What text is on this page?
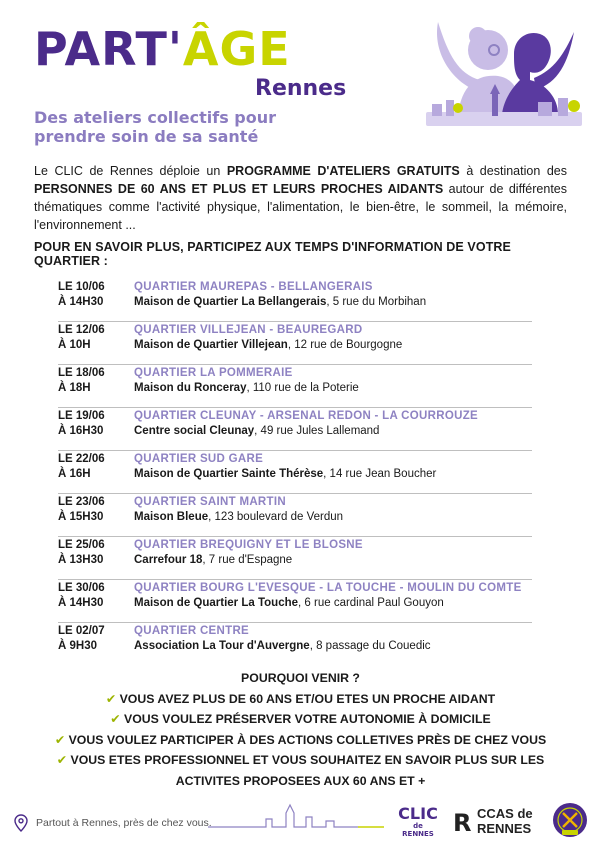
PART'ÂGE
Rennes
Des ateliers collectifs pour prendre soin de sa santé

Le CLIC de Rennes déploie un PROGRAMME D'ATELIERS GRATUITS à destination des PERSONNES DE 60 ANS ET PLUS ET LEURS PROCHES AIDANTS autour de différentes thématiques comme l'activité physique, l'alimentation, le bien-être, le sommeil, la mémoire, l'environnement ...

POUR EN SAVOIR PLUS, PARTICIPEZ AUX TEMPS D'INFORMATION DE VOTRE QUARTIER :
LE 10/06
À 14H30
QUARTIER MAUREPAS - BELLANGERAIS
Maison de Quartier La Bellangerais, 5 rue du Morbihan
LE 12/06
À 10H
QUARTIER VILLEJEAN - BEAUREGARD
Maison de Quartier Villejean, 12 rue de Bourgogne
LE 18/06
À 18H
QUARTIER LA POMMERAIE
Maison du Ronceray, 110 rue de la Poterie
LE 19/06
À 16H30
QUARTIER CLEUNAY - ARSENAL REDON - LA COURROUZE
Centre social Cleunay, 49 rue Jules Lallemand
LE 22/06
À 16H
QUARTIER SUD GARE
Maison de Quartier Sainte Thérèse, 14 rue Jean Boucher
LE 23/06
À 15H30
QUARTIER SAINT MARTIN
Maison Bleue, 123 boulevard de Verdun
LE 25/06
À 13H30
QUARTIER BREQUIGNY ET LE BLOSNE
Carrefour 18, 7 rue d'Espagne
LE 30/06
À 14H30
QUARTIER BOURG L'EVESQUE - LA TOUCHE - MOULIN DU COMTE
Maison de Quartier La Touche, 6 rue cardinal Paul Gouyon
LE 02/07
À 9H30
QUARTIER CENTRE
Association La Tour d'Auvergne, 8 passage du Couedic
POURQUOI VENIR ?
✔ VOUS AVEZ PLUS DE 60 ANS ET/OU ETES UN PROCHE AIDANT
✔ VOUS VOULEZ PRÉSERVER VOTRE AUTONOMIE À DOMICILE
✔ VOUS VOULEZ PARTICIPER À DES ACTIONS COLLETIVES PRÈS DE CHEZ VOUS
✔ VOUS ETES PROFESSIONNEL ET VOUS SOUHAITEZ EN SAVOIR PLUS SUR LES ACTIVITES PROPOSEES AUX 60 ANS ET +
Partout à Rennes, près de chez vous.	CLIC
de RENNES R CCAS de
RENNES
